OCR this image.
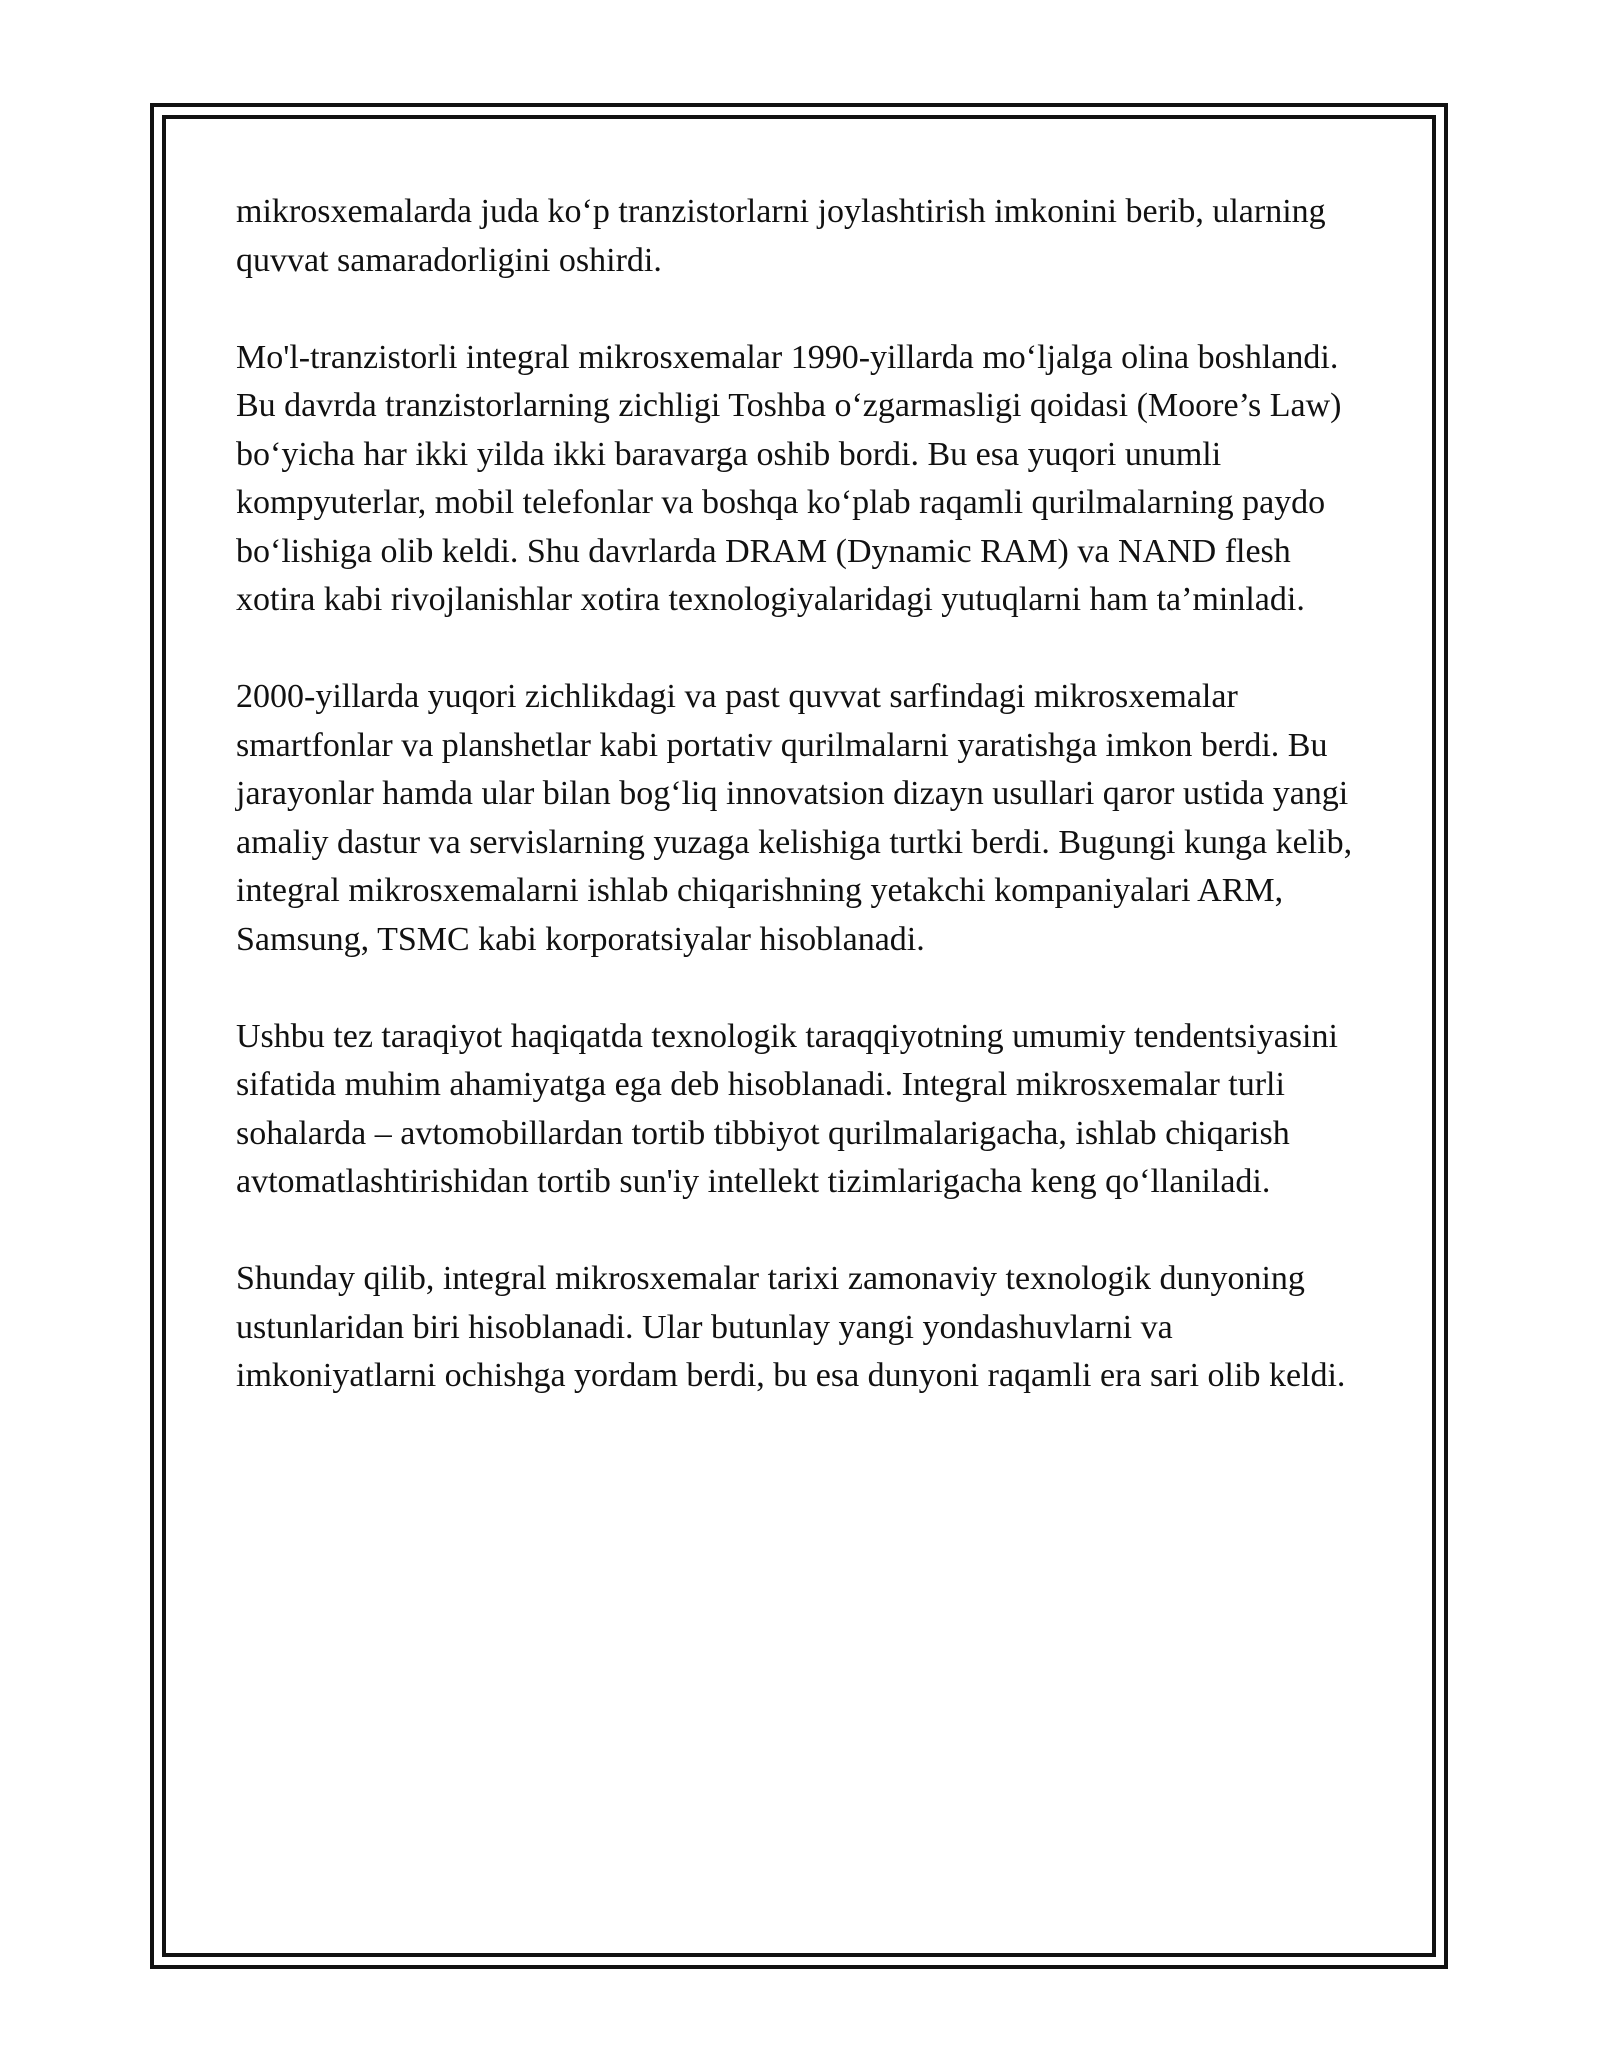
mikrosxemalarda juda ko‘p tranzistorlarni joylashtirish imkonini berib, ularning quvvat samaradorligini oshirdi.

Mo'l-tranzistorli integral mikrosxemalar 1990-yillarda mo‘ljalga olina boshlandi. Bu davrda tranzistorlarning zichligi Toshba o‘zgarmasligi qoidasi (Moore’s Law) bo‘yicha har ikki yilda ikki baravarga oshib bordi. Bu esa yuqori unumli kompyuterlar, mobil telefonlar va boshqa ko‘plab raqamli qurilmalarning paydo bo‘lishiga olib keldi. Shu davrlarda DRAM (Dynamic RAM) va NAND flesh xotira kabi rivojlanishlar xotira texnologiyalaridagi yutuqlarni ham ta’minladi.

2000-yillarda yuqori zichlikdagi va past quvvat sarfindagi mikrosxemalar smartfonlar va planshetlar kabi portativ qurilmalarni yaratishga imkon berdi. Bu jarayonlar hamda ular bilan bog‘liq innovatsion dizayn usullari qaror ustida yangi amaliy dastur va servislarning yuzaga kelishiga turtki berdi. Bugungi kunga kelib, integral mikrosxemalarni ishlab chiqarishning yetakchi kompaniyalari ARM, Samsung, TSMC kabi korporatsiyalar hisoblanadi.

Ushbu tez taraqiyot haqiqatda texnologik taraqqiyotning umumiy tendentsiyasini sifatida muhim ahamiyatga ega deb hisoblanadi. Integral mikrosxemalar turli sohalarda – avtomobillardan tortib tibbiyot qurilmalarigacha, ishlab chiqarish avtomatlashtirishidan tortib sun'iy intellekt tizimlarigacha keng qo‘llaniladi.

Shunday qilib, integral mikrosxemalar tarixi zamonaviy texnologik dunyoning ustunlaridan biri hisoblanadi. Ular butunlay yangi yondashuvlarni va imkoniyatlarni ochishga yordam berdi, bu esa dunyoni raqamli era sari olib keldi.
